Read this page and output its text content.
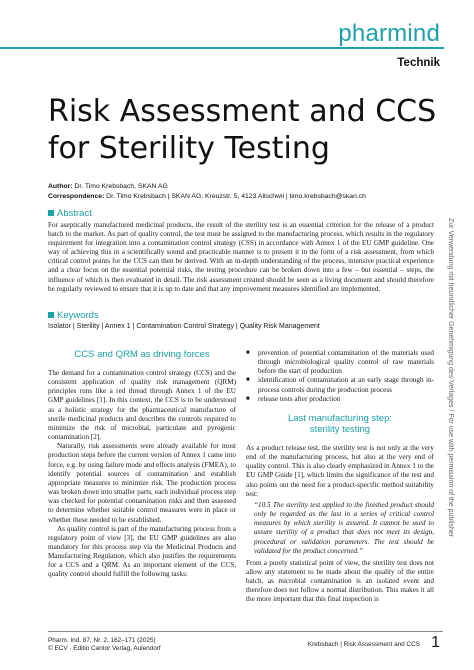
pharmind
Technik
Risk Assessment and CCS
for Sterility Testing
Author: Dr. Timo Krebsbach, SKAN AG
Correspondence: Dr. Timo Krebsbach | SKAN AG, Kreuzstr. 5, 4123 Allschwil | timo.krebsbach@skan.ch
Abstract
For aseptically manufactured medicinal products, the result of the sterility test is an essential criterion for the release of a product batch to the market. As part of quality control, the test must be assigned to the manufacturing process, which results in the regulatory requirement for integration into a contamination control strategy (CSS) in accordance with Annex 1 of the EU GMP guideline. One way of achieving this in a scientifically sound and practicable manner is to present it in the form of a risk assessment, from which critical control points for the CCS can then be derived. With an in-depth understanding of the process, intensive practical experience and a clear focus on the essential potential risks, the testing procedure can be broken down into a few – but essential – steps, the influence of which is then evaluated in detail. The risk assessment created should be seen as a living document and should therefore be regularly reviewed to ensure that it is up to date and that any improvement measures identified are implemented.
Keywords
Isolator | Sterility | Annex 1 | Contamination Control Strategy | Quality Risk Management
CCS and QRM as driving forces

The demand for a contamination control strategy (CCS) and the consistent application of quality risk management (QRM) principles runs like a red thread through Annex 1 of the EU GMP guidelines [1]. In this context, the CCS is to be understood as a holistic strategy for the pharmaceutical manufacture of sterile medicinal products and describes the controls required to minimize the risk of microbial, particulate and pyrogenic contamination [2].

Naturally, risk assessments were already available for most production steps before the current version of Annex 1 came into force, e.g. by using failure mode and effects analysis (FMEA), to identify potential sources of contamination and establish appropriate measures to minimize risk. The production process was broken down into smaller parts, each individual process step was checked for potential contamination risks and then assessed to determine whether suitable control measures were in place or whether these needed to be established.

As quality control is part of the manufacturing process from a regulatory point of view [3], the EU GMP guidelines are also mandatory for this process step via the Medicinal Products and Manufacturing Regulation, which also justifies the requirements for a CCS and a QRM. As an important element of the CCS, quality control should fulfill the following tasks:

■ prevention of potential contamination of the materials used through microbiological quality control of raw materials before the start of production
■ identification of contamination at an early stage through in-process controls during the production process
■ release tests after production
Last manufacturing step:
sterility testing

As a product release test, the sterility test is not only at the very end of the manufacturing process, but also at the very end of quality control. This is also clearly emphasized in Annex 1 to the EU GMP Guide [1], which limits the significance of the test and also points out the need for a product-specific method suitability test:

“10.5 The sterility test applied to the finished product should only be regarded as the last in a series of critical control measures by which sterility is assured. It cannot be used to assure sterility of a product that does not meet its design, procedural or validation parameters. The test should be validated for the product concerned.”

From a purely statistical point of view, the sterility test does not allow any statement to be made about the quality of the entire batch, as microbial contamination is an isolated event and therefore does not follow a normal distribution. This makes it all the more important that this final inspection is

Zur Verwendung mit freundlicher Genehmigung des Verlages / For use with permission of the publisher
Pharm. Ind. 87, Nr. 2, 162–171 (2025)
© ECV · Editio Cantor Verlag, Aulendorf
Krebsbach | Risk Assessment and CCS 1
